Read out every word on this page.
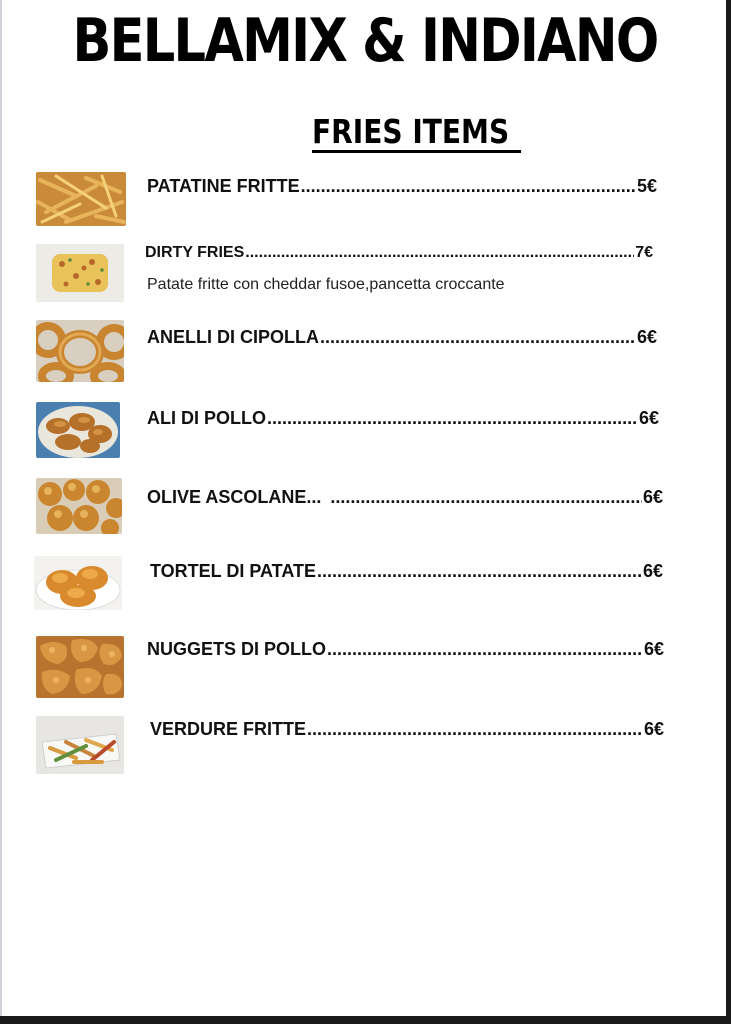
BELLAMIX & INDIANO
FRIES ITEMS
PATATINE FRITTE .....	5€
DIRTY FRIES .....	7€
Patate fritte con cheddar fusoe,pancetta croccante
ANELLI DI CIPOLLA .....	6€
ALI DI POLLO .....	6€
OLIVE ASCOLANE... .....	6€
TORTEL DI PATATE .....	6€
NUGGETS DI POLLO .....	6€
VERDURE FRITTE .....	6€
